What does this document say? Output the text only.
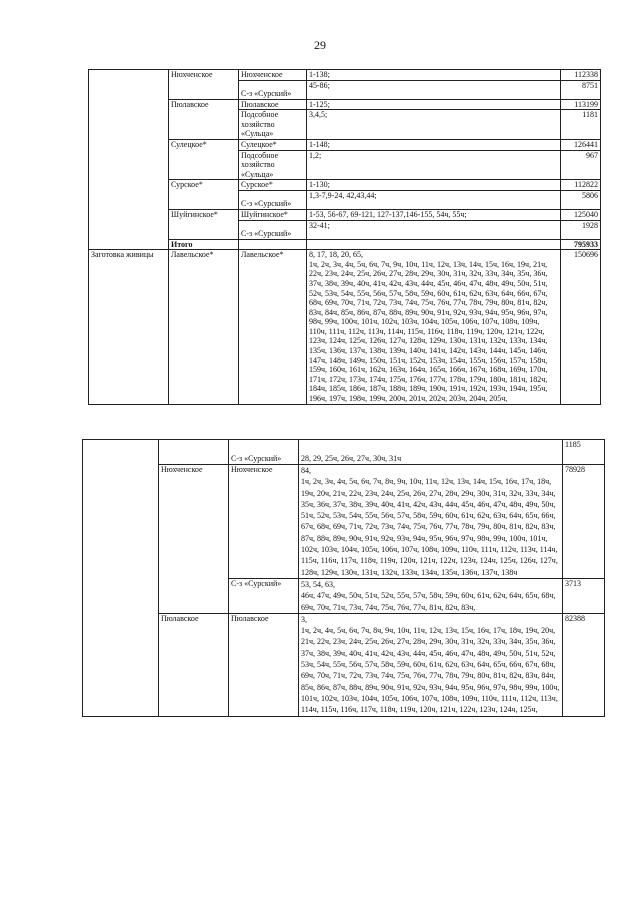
29
	Нюхченское	Нюхченское	1-138;	112338
		С-з «Сурский»	45-86;	8751
	Пюлавское	Пюлавское	1-125;	113199
		Подсобное хозяйство «Сульца»	3,4,5;	1181
	Сулецкое*	Сулецкое*	1-148;	126441
		Подсобное хозяйство «Сульца»	1,2;	967
	Сурское*	Сурское*	1-130;	112822
		С-з «Сурский»	1,3-7,9-24, 42,43,44;	5806
	Шуйгинское*	Шуйгинское*	1-53, 56-67, 69-121, 127-137,146-155, 54ч, 55ч;	125040
		С-з «Сурский»	32-41;	1928
	Итого			795933
Заготовка живицы	Лавельское*	Лавельское*	8, 17, 18, 20, 65,
1ч, 2ч, 3ч, 4ч, 5ч, 6ч, 7ч, 9ч, 10ч, 11ч, 12ч, 13ч, 14ч, 15ч, 16ч, 19ч, 21ч, 22ч, 23ч, 24ч, 25ч, 26ч, 27ч, 28ч, 29ч, 30ч, 31ч, 32ч, 33ч, 34ч, 35ч, 36ч, 37ч, 38ч, 39ч, 40ч, 41ч, 42ч, 43ч, 44ч, 45ч, 46ч, 47ч, 48ч, 49ч, 50ч, 51ч, 52ч, 53ч, 54ч, 55ч, 56ч, 57ч, 58ч, 59ч, 60ч, 61ч, 62ч, 63ч, 64ч, 66ч, 67ч, 68ч, 69ч, 70ч, 71ч, 72ч, 73ч, 74ч, 75ч, 76ч, 77ч, 78ч, 79ч, 80ч, 81ч, 82ч, 83ч, 84ч, 85ч, 86ч, 87ч, 88ч, 89ч, 90ч, 91ч, 92ч, 93ч, 94ч, 95ч, 96ч, 97ч, 98ч, 99ч, 100ч, 101ч, 102ч, 103ч, 104ч, 105ч, 106ч, 107ч, 108ч, 109ч, 110ч, 111ч, 112ч, 113ч, 114ч, 115ч, 116ч, 118ч, 119ч, 120ч, 121ч, 122ч, 123ч, 124ч, 125ч, 126ч, 127ч, 128ч, 129ч, 130ч, 131ч, 132ч, 133ч, 134ч, 135ч, 136ч, 137ч, 138ч, 139ч, 140ч, 141ч, 142ч, 143ч, 144ч, 145ч, 146ч, 147ч, 148ч, 149ч, 150ч, 151ч, 152ч, 153ч, 154ч, 155ч, 156ч, 157ч, 158ч, 159ч, 160ч, 161ч, 162ч, 163ч, 164ч, 165ч, 166ч, 167ч, 168ч, 169ч, 170ч, 171ч, 172ч, 173ч, 174ч, 175ч, 176ч, 177ч, 178ч, 179ч, 180ч, 181ч, 182ч, 184ч, 185ч, 186ч, 187ч, 188ч, 189ч, 190ч, 191ч, 192ч, 193ч, 194ч, 195ч, 196ч, 197ч, 198ч, 199ч, 200ч, 201ч, 202ч, 203ч, 204ч, 205ч,	150696
		С-з «Сурский»	28, 29, 25ч, 26ч, 27ч, 30ч, 31ч	1185
	Нюхченское	Нюхченское	84,
1ч, 2ч, 3ч, 4ч, 5ч, 6ч, 7ч, 8ч, 9ч, 10ч, 11ч, 12ч, 13ч, 14ч, 15ч, 16ч, 17ч, 18ч, 19ч, 20ч, 21ч, 22ч, 23ч, 24ч, 25ч, 26ч, 27ч, 28ч, 29ч, 30ч, 31ч, 32ч, 33ч, 34ч, 35ч, 36ч, 37ч, 38ч, 39ч, 40ч, 41ч, 42ч, 43ч, 44ч, 45ч, 46ч, 47ч, 48ч, 49ч, 50ч, 51ч, 52ч, 53ч, 54ч, 55ч, 56ч, 57ч, 58ч, 59ч, 60ч, 61ч, 62ч, 63ч, 64ч, 65ч, 66ч, 67ч, 68ч, 69ч, 71ч, 72ч, 73ч, 74ч, 75ч, 76ч, 77ч, 78ч, 79ч, 80ч, 81ч, 82ч, 83ч, 87ч, 88ч, 89ч, 90ч, 91ч, 92ч, 93ч, 94ч, 95ч, 96ч, 97ч, 98ч, 99ч, 100ч, 101ч, 102ч, 103ч, 104ч, 105ч, 106ч, 107ч, 108ч, 109ч, 110ч, 111ч, 112ч, 113ч, 114ч, 115ч, 116ч, 117ч, 118ч, 119ч, 120ч, 121ч, 122ч, 123ч, 124ч, 125ч, 126ч, 127ч, 128ч, 129ч, 130ч, 131ч, 132ч, 133ч, 134ч, 135ч, 136ч, 137ч, 138ч	78928
		С-з «Сурский»	53, 54, 63,
46ч, 47ч, 49ч, 50ч, 51ч, 52ч, 55ч, 57ч, 58ч, 59ч, 60ч, 61ч, 62ч, 64ч, 65ч, 68ч, 69ч, 70ч, 71ч, 73ч, 74ч, 75ч, 76ч, 77ч, 81ч, 82ч, 83ч,	3713
	Пюлавское	Пюлавское	3,
1ч, 2ч, 4ч, 5ч, 6ч, 7ч, 8ч, 9ч, 10ч, 11ч, 12ч, 13ч, 15ч, 16ч, 17ч, 18ч, 19ч, 20ч, 21ч, 22ч, 23ч, 24ч, 25ч, 26ч, 27ч, 28ч, 29ч, 30ч, 31ч, 32ч, 33ч, 34ч, 35ч, 36ч, 37ч, 38ч, 39ч, 40ч, 41ч, 42ч, 43ч, 44ч, 45ч, 46ч, 47ч, 48ч, 49ч, 50ч, 51ч, 52ч, 53ч, 54ч, 55ч, 56ч, 57ч, 58ч, 59ч, 60ч, 61ч, 62ч, 63ч, 64ч, 65ч, 66ч, 67ч, 68ч, 69ч, 70ч, 71ч, 72ч, 73ч, 74ч, 75ч, 76ч, 77ч, 78ч, 79ч, 80ч, 81ч, 82ч, 83ч, 84ч, 85ч, 86ч, 87ч, 88ч, 89ч, 90ч, 91ч, 92ч, 93ч, 94ч, 95ч, 96ч, 97ч, 98ч, 99ч, 100ч, 101ч, 102ч, 103ч, 104ч, 105ч, 106ч, 107ч, 108ч, 109ч, 110ч, 111ч, 112ч, 113ч, 114ч, 115ч, 116ч, 117ч, 118ч, 119ч, 120ч, 121ч, 122ч, 123ч, 124ч, 125ч,	82388
